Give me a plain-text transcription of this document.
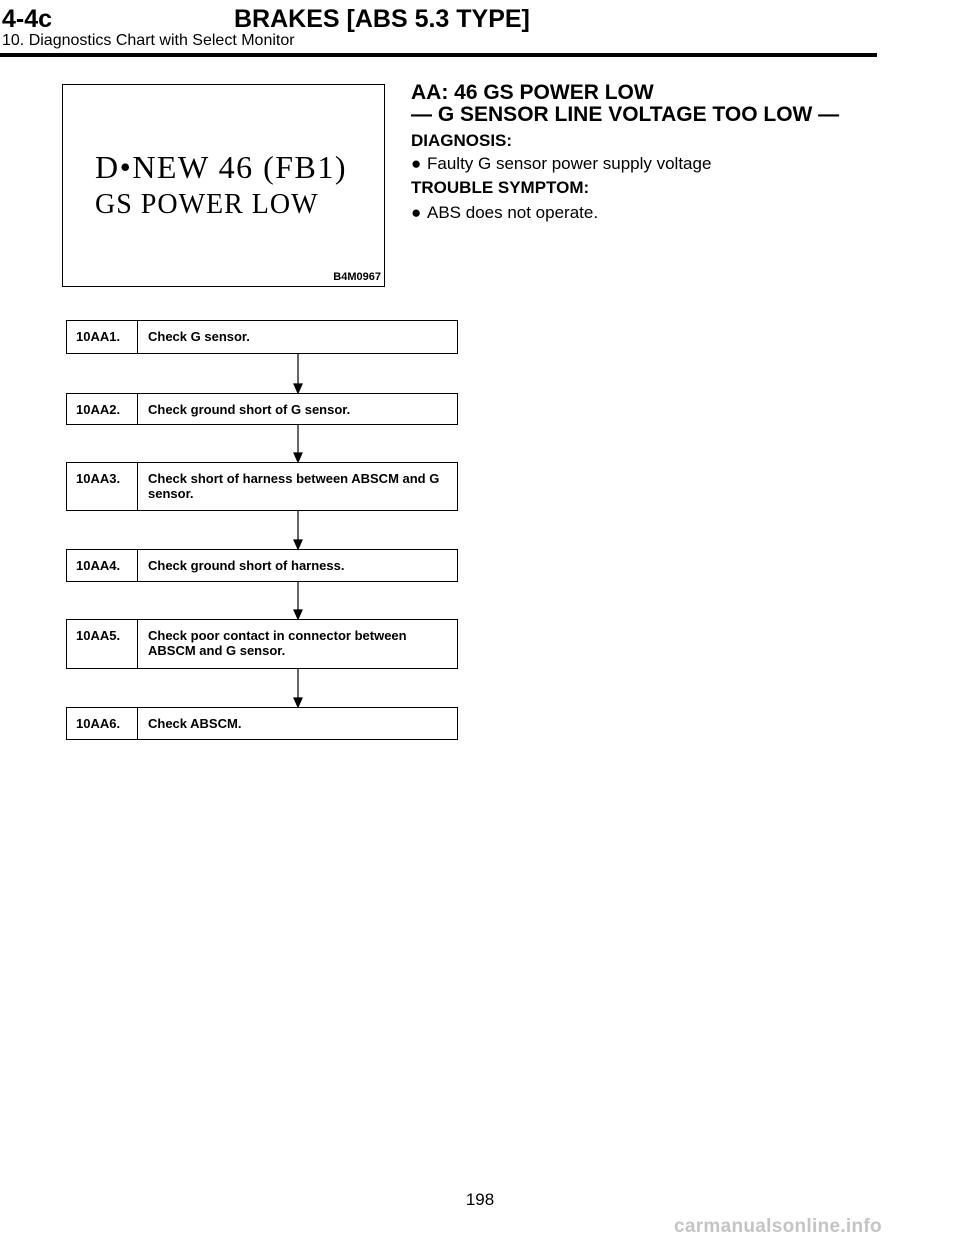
4-4c	BRAKES [ABS 5.3 TYPE]
10. Diagnostics Chart with Select Monitor
D•NEW 46 (FB1)
GS POWER LOW
B4M0967
AA: 46 GS POWER LOW
— G SENSOR LINE VOLTAGE TOO LOW —
DIAGNOSIS:
● Faulty G sensor power supply voltage
TROUBLE SYMPTOM:
● ABS does not operate.
10AA1.	Check G sensor.
10AA2.	Check ground short of G sensor.
10AA3.	Check short of harness between ABSCM and G sensor.
10AA4.	Check ground short of harness.
10AA5.	Check poor contact in connector between ABSCM and G sensor.
10AA6.	Check ABSCM.
198
carmanualsonline.info
